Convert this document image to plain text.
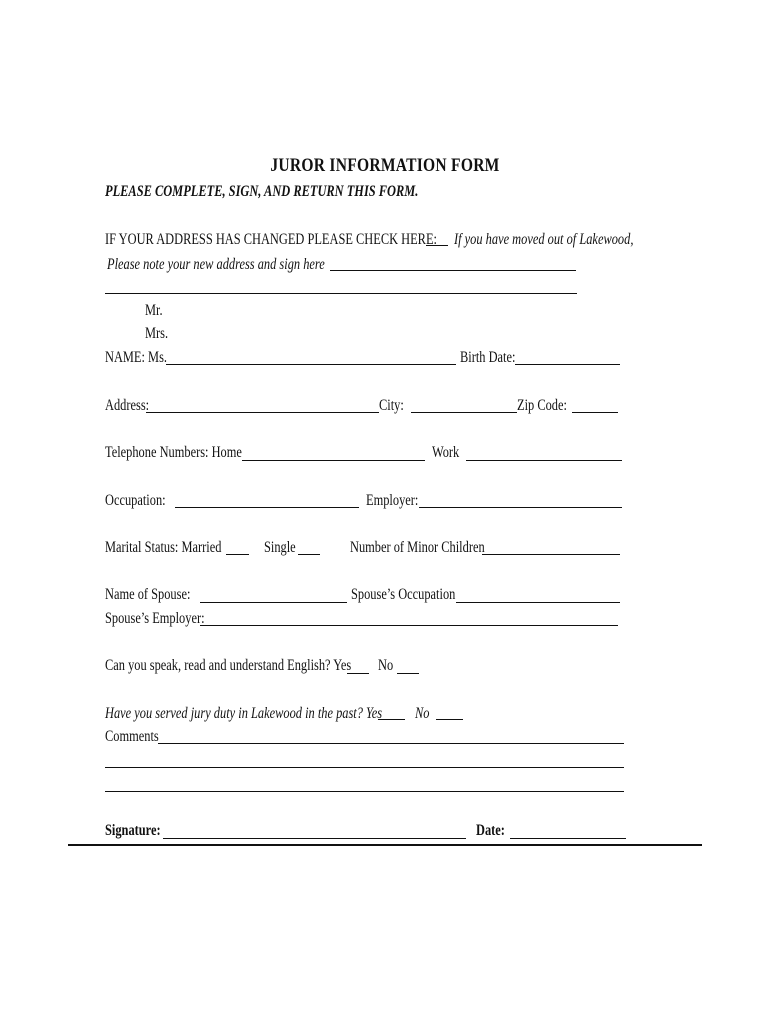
JUROR INFORMATION FORM
PLEASE COMPLETE, SIGN, AND RETURN THIS FORM.
IF YOUR ADDRESS HAS CHANGED PLEASE CHECK HERE: If you have moved out of Lakewood,
Please note your new address and sign here
Mr.
Mrs.
NAME: Ms.	Birth Date:
Address:	City:	Zip Code:
Telephone Numbers: Home	Work
Occupation:	Employer:
Marital Status: Married	Single	Number of Minor Children
Name of Spouse:	Spouse’s Occupation
Spouse’s Employer:
Can you speak, read and understand English? Yes No
Have you served jury duty in Lakewood in the past? Yes No
Comments
Signature:	Date:
